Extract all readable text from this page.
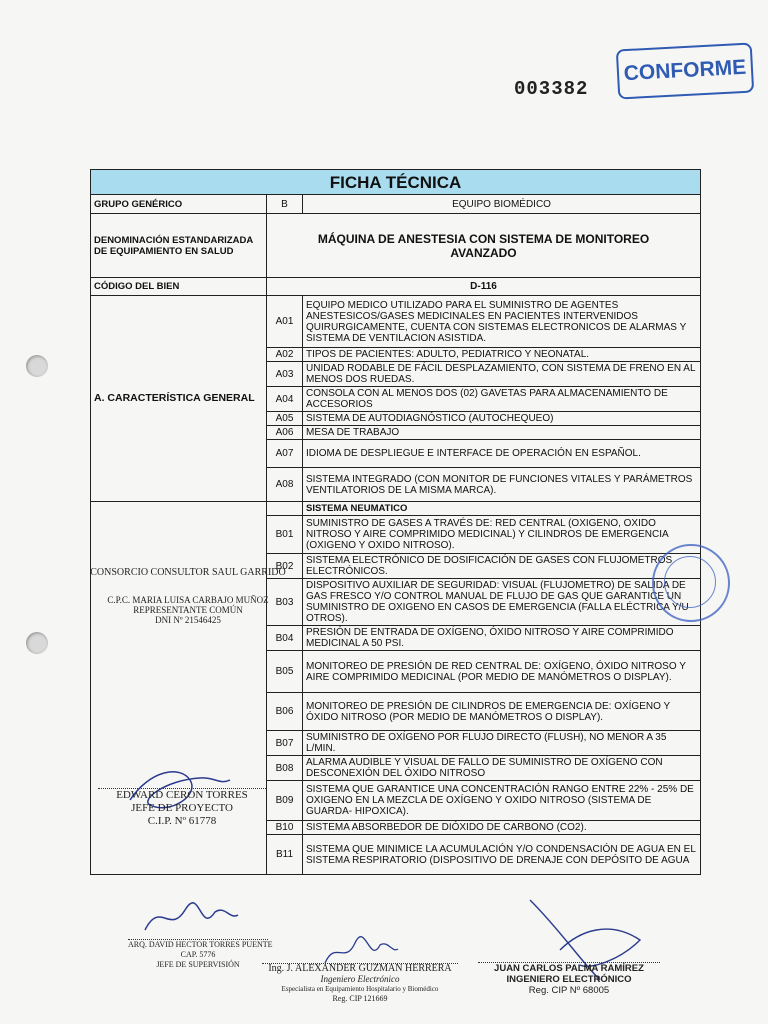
003382
CONFORME
FICHA TÉCNICA		
GRUPO GENÉRICO	B	EQUIPO BIOMÉDICO
DENOMINACIÓN ESTANDARIZADA DE EQUIPAMIENTO EN SALUD	MÁQUINA DE ANESTESIA CON SISTEMA DE MONITOREO AVANZADO	
CÓDIGO DEL BIEN	D-116	
A. CARACTERÍSTICA GENERAL	A01	EQUIPO MEDICO UTILIZADO PARA EL SUMINISTRO DE AGENTES ANESTESICOS/GASES MEDICINALES EN PACIENTES INTERVENIDOS QUIRURGICAMENTE, CUENTA CON SISTEMAS ELECTRONICOS DE ALARMAS Y SISTEMA DE VENTILACION ASISTIDA.
	A02	TIPOS DE PACIENTES: ADULTO, PEDIATRICO Y NEONATAL.
	A03	UNIDAD RODABLE DE FÁCIL DESPLAZAMIENTO, CON SISTEMA DE FRENO EN AL MENOS DOS RUEDAS.
	A04	CONSOLA CON AL MENOS DOS (02) GAVETAS PARA ALMACENAMIENTO DE ACCESORIOS
	A05	SISTEMA DE AUTODIAGNÓSTICO (AUTOCHEQUEO)
	A06	MESA DE TRABAJO
	A07	IDIOMA DE DESPLIEGUE E INTERFACE DE OPERACIÓN EN ESPAÑOL.
	A08	SISTEMA INTEGRADO (CON MONITOR DE FUNCIONES VITALES Y PARÁMETROS VENTILATORIOS DE LA MISMA MARCA).
		SISTEMA NEUMATICO
	B01	SUMINISTRO DE GASES A TRAVÉS DE: RED CENTRAL (OXIGENO, OXIDO NITROSO Y AIRE COMPRIMIDO MEDICINAL) Y CILINDROS DE EMERGENCIA (OXIGENO Y OXIDO NITROSO).
	B02	SISTEMA ELECTRÓNICO DE DOSIFICACIÓN DE GASES CON FLUJOMETROS ELECTRÓNICOS.
	B03	DISPOSITIVO AUXILIAR DE SEGURIDAD: VISUAL (FLUJOMETRO) DE SALIDA DE GAS FRESCO Y/O CONTROL MANUAL DE FLUJO DE GAS QUE GARANTICE UN SUMINISTRO DE OXIGENO EN CASOS DE EMERGENCIA (FALLA ELÉCTRICA Y/U OTROS).
	B04	PRESIÓN DE ENTRADA DE OXÍGENO, ÓXIDO NITROSO Y AIRE COMPRIMIDO MEDICINAL A 50 PSI.
	B05	MONITOREO DE PRESIÓN DE RED CENTRAL DE: OXÍGENO, ÓXIDO NITROSO Y AIRE COMPRIMIDO MEDICINAL (POR MEDIO DE MANÓMETROS O DISPLAY).
	B06	MONITOREO DE PRESIÓN DE CILINDROS DE EMERGENCIA DE: OXÍGENO Y ÓXIDO NITROSO (POR MEDIO DE MANÓMETROS O DISPLAY).
	B07	SUMINISTRO DE OXÍGENO POR FLUJO DIRECTO (FLUSH), NO MENOR A 35 L/MIN.
	B08	ALARMA AUDIBLE Y VISUAL DE FALLO DE SUMINISTRO DE OXÍGENO CON DESCONEXIÓN DEL ÓXIDO NITROSO
	B09	SISTEMA QUE GARANTICE UNA CONCENTRACIÓN RANGO ENTRE 22% - 25% DE OXIGENO EN LA MEZCLA DE OXÍGENO Y OXIDO NITROSO (SISTEMA DE GUARDA- HIPOXICA).
	B10	SISTEMA ABSORBEDOR DE DIÓXIDO DE CARBONO (CO2).
	B11	SISTEMA QUE MINIMICE LA ACUMULACIÓN Y/O CONDENSACIÓN DE AGUA EN EL SISTEMA RESPIRATORIO (DISPOSITIVO DE DRENAJE CON DEPÓSITO DE AGUA
CONSORCIO CONSULTOR SAUL GARRIDO
C.P.C. MARIA LUISA CARBAJO MUÑOZ
REPRESENTANTE COMÚN
DNI Nº 21546425
EDWARD CERON TORRES
JEFE DE PROYECTO
C.I.P. Nº 61778
ARQ. DAVID HECTOR TORRES PUENTE
CAP. 5776
JEFE DE SUPERVISIÓN	Ing. J. ALEXANDER GUZMAN HERRERA
Ingeniero Electrónico
Especialista en Equipamiento Hospitalario y Biomédico
Reg. CIP 121669
JUAN CARLOS PALMA RAMÍREZ
INGENIERO ELECTRÓNICO
Reg. CIP Nº 68005
